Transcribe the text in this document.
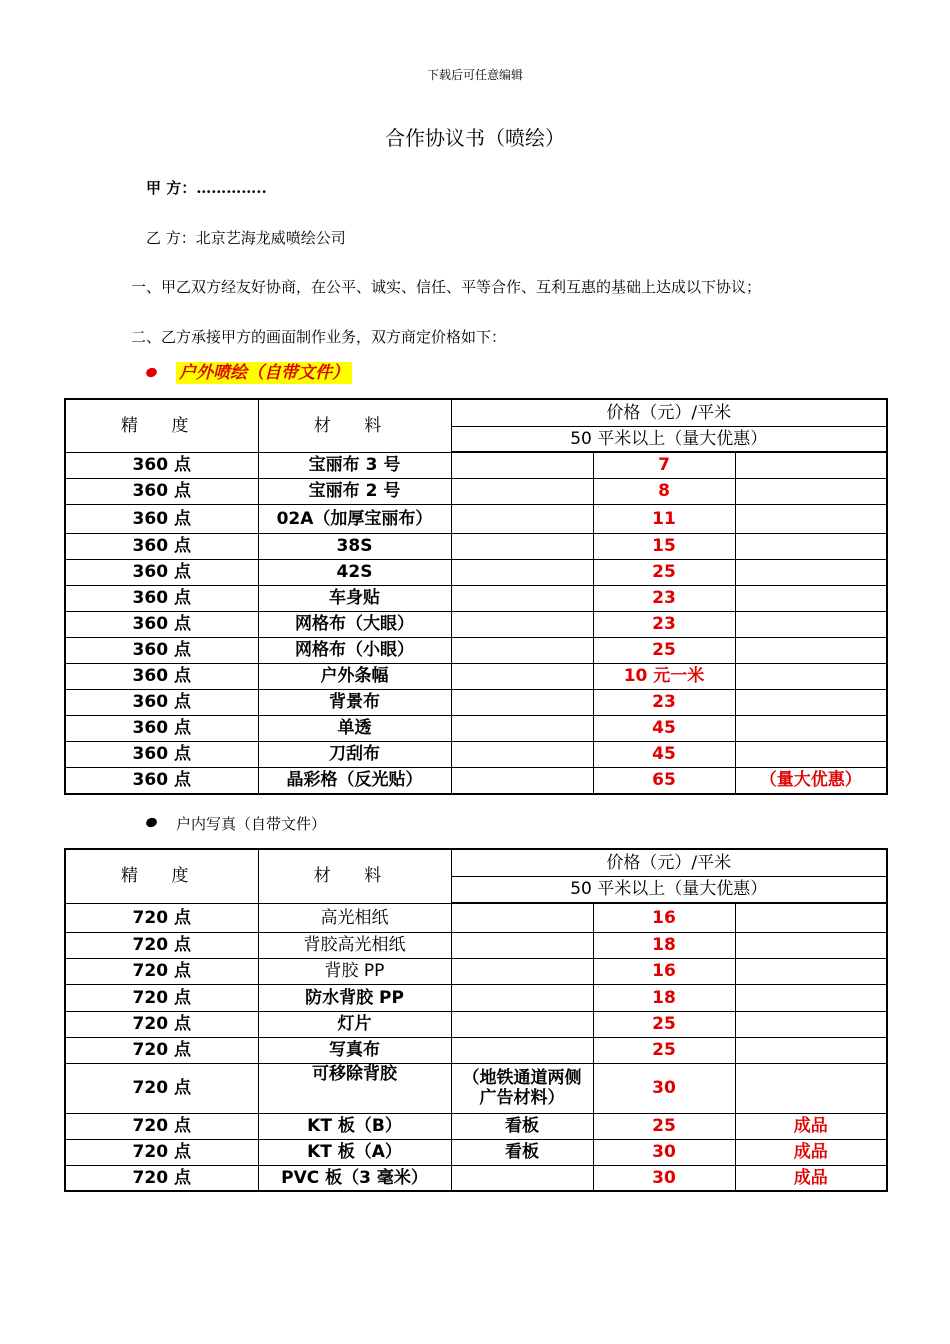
下载后可任意编辑
合作协议书（喷绘）
甲 方：…………..
乙 方：北京艺海龙威喷绘公司
一、甲乙双方经友好协商，在公平、诚实、信任、平等合作、互利互惠的基础上达成以下协议；
二、乙方承接甲方的画面制作业务，双方商定价格如下：
户外喷绘（自带文件）
精 度	材 料	价格（元）/平米		
		50 平米以上（量大优惠）		
360 点	宝丽布 3 号		7	
360 点	宝丽布 2 号		8	
360 点	02A（加厚宝丽布）		11	
360 点	38S		15	
360 点	42S		25	
360 点	车身贴		23	
360 点	网格布（大眼）		23	
360 点	网格布（小眼）		25	
360 点	户外条幅		10 元一米	
360 点	背景布		23	
360 点	单透		45	
360 点	刀刮布		45	
360 点	晶彩格（反光贴）		65	（量大优惠）
户内写真（自带文件）
精 度	材 料	价格（元）/平米		
		50 平米以上（量大优惠）		
720 点	高光相纸		16	
720 点	背胶高光相纸		18	
720 点	背胶 PP		16	
720 点	防水背胶 PP		18	
720 点	灯片		25	
720 点	写真布		25	
720 点	可移除背胶	（地铁通道两侧广告材料）	30	
720 点	KT 板（B）	看板	25	成品
720 点	KT 板（A）	看板	30	成品
720 点	PVC 板（3 毫米）		30	成品
